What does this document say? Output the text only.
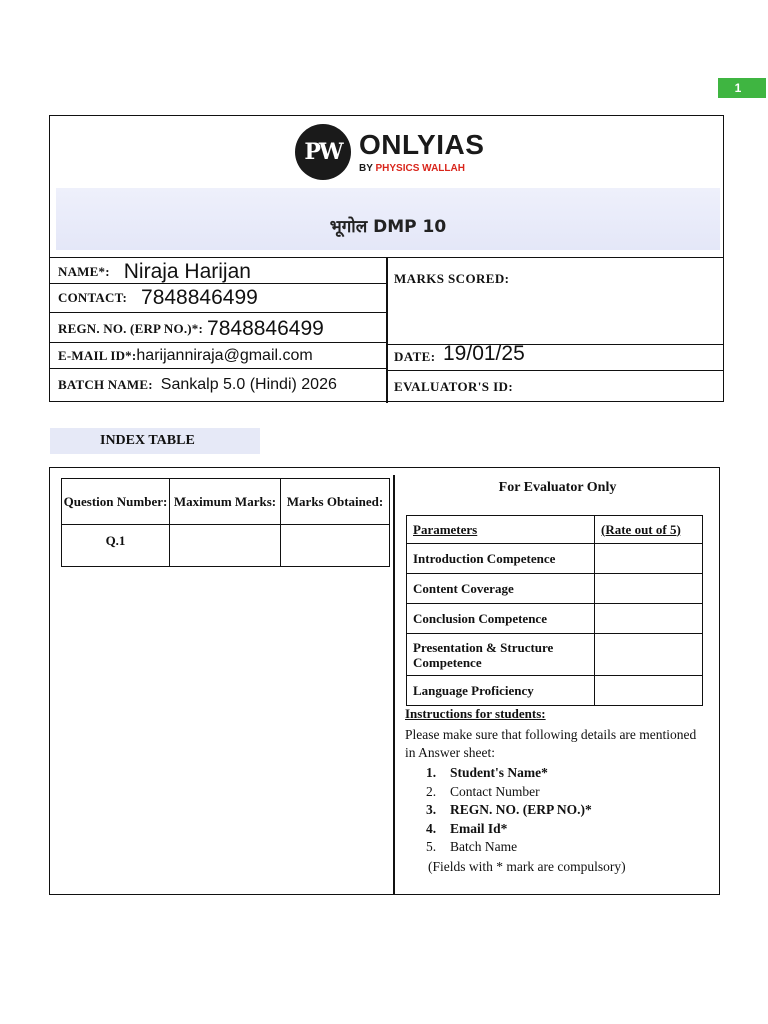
1
PW ONLYIAS
BY PHYSICS WALLAH
भूगोल DMP 10
NAME*: Niraja Harijan
CONTACT: 7848846499
REGN. NO. (ERP NO.)*: 7848846499
E-MAIL ID*: harijanniraja@gmail.com
BATCH NAME: Sankalp 5.0 (Hindi) 2026
MARKS SCORED:
DATE: 19/01/25
EVALUATOR'S ID:
INDEX TABLE
Question Number:	Maximum Marks:	Marks Obtained:
Q.1		
For Evaluator Only
Parameters	(Rate out of 5)
Introduction Competence	
Content Coverage	
Conclusion Competence	
Presentation & Structure Competence	
Language Proficiency	
Instructions for students:
Please make sure that following details are mentioned in Answer sheet:
1.	Student's Name*
2.	Contact Number
3.	REGN. NO. (ERP NO.)*
4.	Email Id*
5.	Batch Name
(Fields with * mark are compulsory)
